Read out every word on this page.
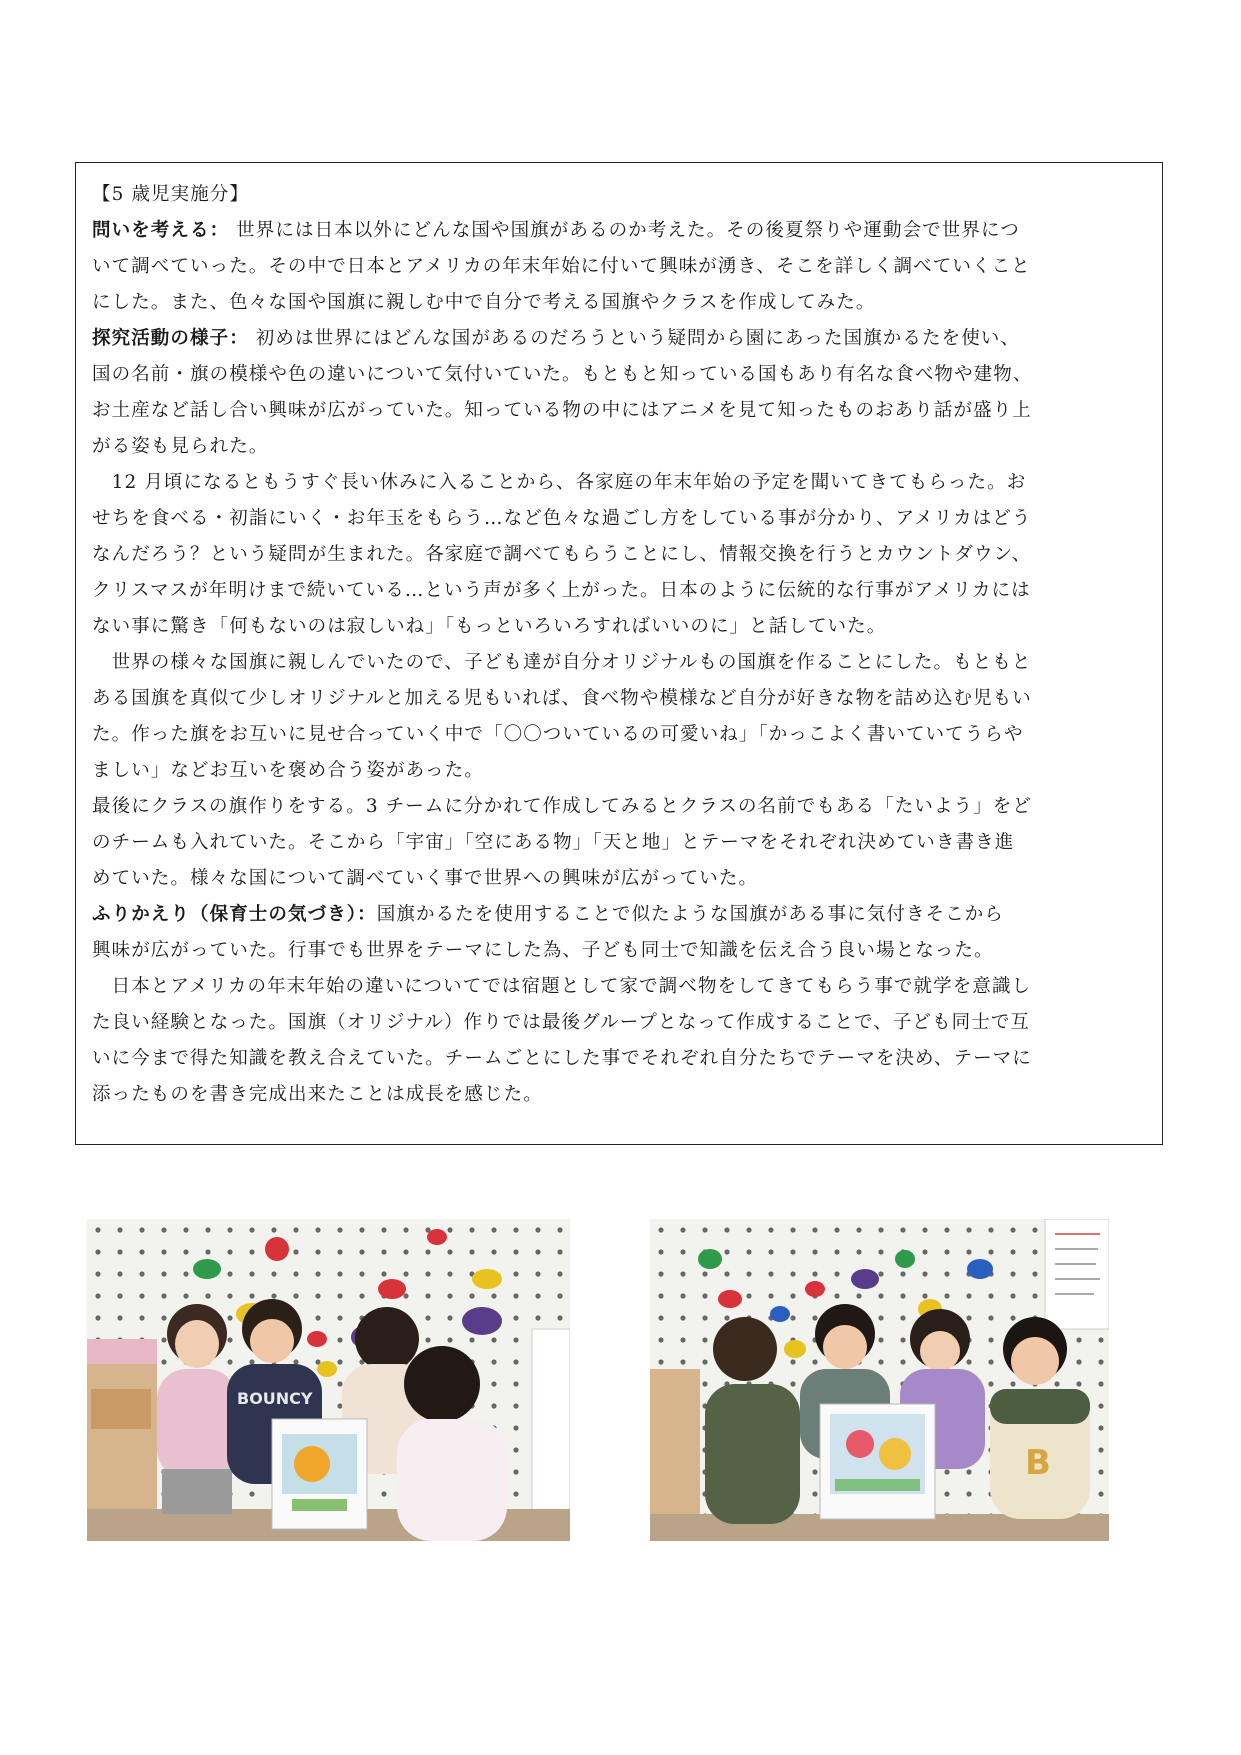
【5 歳児実施分】

問いを考える： 世界には日本以外にどんな国や国旗があるのか考えた。その後夏祭りや運動会で世界につ

いて調べていった。その中で日本とアメリカの年末年始に付いて興味が湧き、そこを詳しく調べていくこと

にした。また、色々な国や国旗に親しむ中で自分で考える国旗やクラスを作成してみた。

探究活動の様子： 初めは世界にはどんな国があるのだろうという疑問から園にあった国旗かるたを使い、

国の名前・旗の模様や色の違いについて気付いていた。もともと知っている国もあり有名な食べ物や建物、

お土産など話し合い興味が広がっていた。知っている物の中にはアニメを見て知ったものおあり話が盛り上

がる姿も見られた。

　12 月頃になるともうすぐ長い休みに入ることから、各家庭の年末年始の予定を聞いてきてもらった。お

せちを食べる・初詣にいく・お年玉をもらう…など色々な過ごし方をしている事が分かり、アメリカはどう

なんだろう？という疑問が生まれた。各家庭で調べてもらうことにし、情報交換を行うとカウントダウン、

クリスマスが年明けまで続いている…という声が多く上がった。日本のように伝統的な行事がアメリカには

ない事に驚き「何もないのは寂しいね」「もっといろいろすればいいのに」と話していた。

　世界の様々な国旗に親しんでいたので、子ども達が自分オリジナルもの国旗を作ることにした。もともと

ある国旗を真似て少しオリジナルと加える児もいれば、食べ物や模様など自分が好きな物を詰め込む児もい

た。作った旗をお互いに見せ合っていく中で「〇〇ついているの可愛いね」「かっこよく書いていてうらや

ましい」などお互いを褒め合う姿があった。

最後にクラスの旗作りをする。3 チームに分かれて作成してみるとクラスの名前でもある「たいよう」をど

のチームも入れていた。そこから「宇宙」「空にある物」「天と地」とテーマをそれぞれ決めていき書き進

めていた。様々な国について調べていく事で世界への興味が広がっていた。

ふりかえり（保育士の気づき）：国旗かるたを使用することで似たような国旗がある事に気付きそこから

興味が広がっていた。行事でも世界をテーマにした為、子ども同士で知識を伝え合う良い場となった。

　日本とアメリカの年末年始の違いについてでは宿題として家で調べ物をしてきてもらう事で就学を意識し

た良い経験となった。国旗（オリジナル）作りでは最後グループとなって作成することで、子ども同士で互

いに今まで得た知識を教え合えていた。チームごとにした事でそれぞれ自分たちでテーマを決め、テーマに

添ったものを書き完成出来たことは成長を感じた。

BOUNCY
B
